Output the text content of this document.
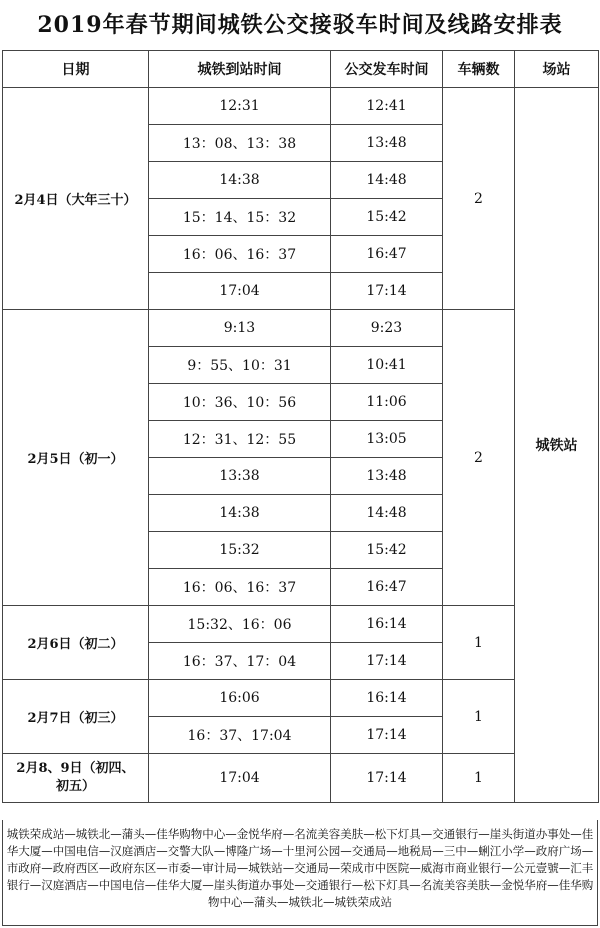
2019年春节期间城铁公交接驳车时间及线路安排表
日期	城铁到站时间	公交发车时间	车辆数	场站
2月4日（大年三十）	12:31	12:41	2	城铁站
	13：08、13：38	13:48		
	14:38	14:48		
	15：14、15：32	15:42		
	16：06、16：37	16:47		
	17:04	17:14		
2月5日（初一）	9:13	9:23	2	
	9：55、10：31	10:41		
	10：36、10：56	11:06		
	12：31、12：55	13:05		
	13:38	13:48		
	14:38	14:48		
	15:32	15:42		
	16：06、16：37	16:47		
2月6日（初二）	15:32、16：06	16:14	1	
	16：37、17：04	17:14		
2月7日（初三）	16:06	16:14	1	
	16：37、17:04	17:14		
2月8、9日（初四、
初五）	17:04	17:14	1	
城铁荣成站—城铁北—蒲头—佳华购物中心—金悦华府—名流美容美肤—松下灯具—交通银行—崖头街道办事处—佳华大厦—中国电信—汉庭酒店—交警大队—博隆广场—十里河公园—交通局—地税局—三中—蜊江小学—政府广场—市政府—政府西区—政府东区—市委—审计局—城铁站—交通局—荣成市中医院—威海市商业银行—公元壹號—汇丰银行—汉庭酒店—中国电信—佳华大厦—崖头街道办事处—交通银行—松下灯具—名流美容美肤—金悦华府—佳华购物中心—蒲头—城铁北—城铁荣成站
